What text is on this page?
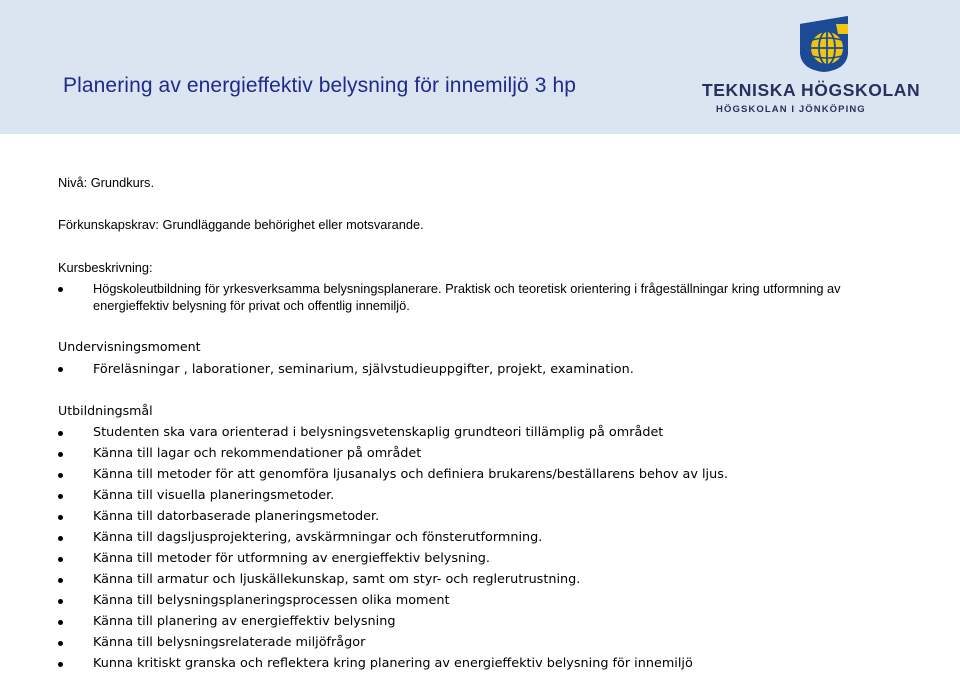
Planering av energieffektiv belysning för innemiljö 3 hp	TEKNISKA HÖGSKOLAN

HÖGSKOLAN I JÖNKÖPING

Nivå: Grundkurs.

Förkunskapskrav: Grundläggande behörighet eller motsvarande.

Kursbeskrivning:

Högskoleutbildning för yrkesverksamma belysningsplanerare. Praktisk och teoretisk orientering i frågeställningar kring utformning av energieffektiv belysning för privat och offentlig innemiljö.

Undervisningsmoment

Föreläsningar , laborationer, seminarium, självstudieuppgifter, projekt, examination.

Utbildningsmål

Studenten ska vara orienterad i belysningsvetenskaplig grundteori tillämplig på området

Känna till lagar och rekommendationer på området

Känna till metoder för att genomföra ljusanalys och definiera brukarens/beställarens behov av ljus.

Känna till visuella planeringsmetoder.

Känna till datorbaserade planeringsmetoder.

Känna till dagsljusprojektering, avskärmningar och fönsterutformning.

Känna till metoder för utformning av energieffektiv belysning.

Känna till armatur och ljuskällekunskap, samt om styr- och reglerutrustning.

Känna till belysningsplaneringsprocessen olika moment

Känna till planering av energieffektiv belysning

Känna till belysningsrelaterade miljöfrågor

Kunna kritiskt granska och reflektera kring planering av energieffektiv belysning för innemiljö
